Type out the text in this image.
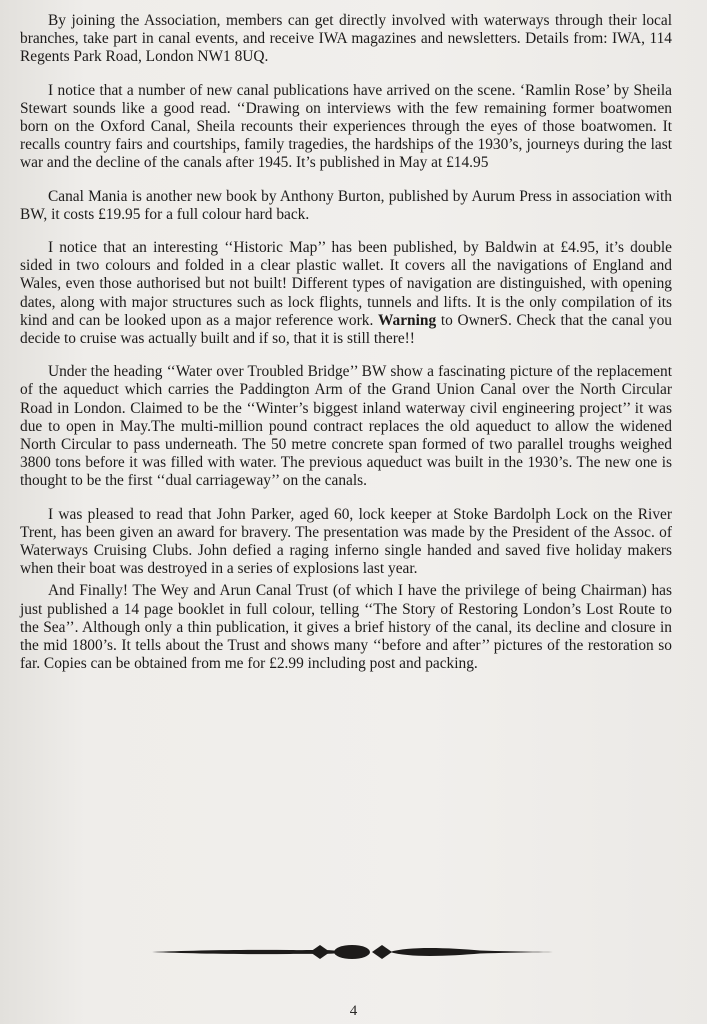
By joining the Association, members can get directly involved with waterways through their local branches, take part in canal events, and receive IWA magazines and newsletters. Details from: IWA, 114 Regents Park Road, London NW1 8UQ.

I notice that a number of new canal publications have arrived on the scene. ‘Ramlin Rose’ by Sheila Stewart sounds like a good read. ‘‘Drawing on interviews with the few remaining former boatwomen born on the Oxford Canal, Sheila recounts their experiences through the eyes of those boatwomen. It recalls country fairs and courtships, family tragedies, the hardships of the 1930’s, journeys during the last war and the decline of the canals after 1945. It’s published in May at £14.95

Canal Mania is another new book by Anthony Burton, published by Aurum Press in association with BW, it costs £19.95 for a full colour hard back.

I notice that an interesting ‘‘Historic Map’’ has been published, by Baldwin at £4.95, it’s double sided in two colours and folded in a clear plastic wallet. It covers all the navigations of England and Wales, even those authorised but not built! Different types of navigation are distinguished, with opening dates, along with major structures such as lock flights, tunnels and lifts. It is the only compilation of its kind and can be looked upon as a major reference work. Warning to OwnerS. Check that the canal you decide to cruise was actually built and if so, that it is still there!!

Under the heading ‘‘Water over Troubled Bridge’’ BW show a fascinating picture of the replacement of the aqueduct which carries the Paddington Arm of the Grand Union Canal over the North Circular Road in London. Claimed to be the ‘‘Winter’s biggest inland waterway civil engineering project’’ it was due to open in May.The multi-million pound contract replaces the old aqueduct to allow the widened North Circular to pass underneath. The 50 metre concrete span formed of two parallel troughs weighed 3800 tons before it was filled with water. The previous aqueduct was built in the 1930’s. The new one is thought to be the first ‘‘dual carriageway’’ on the canals.

I was pleased to read that John Parker, aged 60, lock keeper at Stoke Bardolph Lock on the River Trent, has been given an award for bravery. The presentation was made by the President of the Assoc. of Waterways Cruising Clubs. John defied a raging inferno single handed and saved five holiday makers when their boat was destroyed in a series of explosions last year.

And Finally! The Wey and Arun Canal Trust (of which I have the privilege of being Chairman) has just published a 14 page booklet in full colour, telling ‘‘The Story of Restoring London’s Lost Route to the Sea’’. Although only a thin publication, it gives a brief history of the canal, its decline and closure in the mid 1800’s. It tells about the Trust and shows many ‘‘before and after’’ pictures of the restoration so far. Copies can be obtained from me for £2.99 including post and packing.

4
